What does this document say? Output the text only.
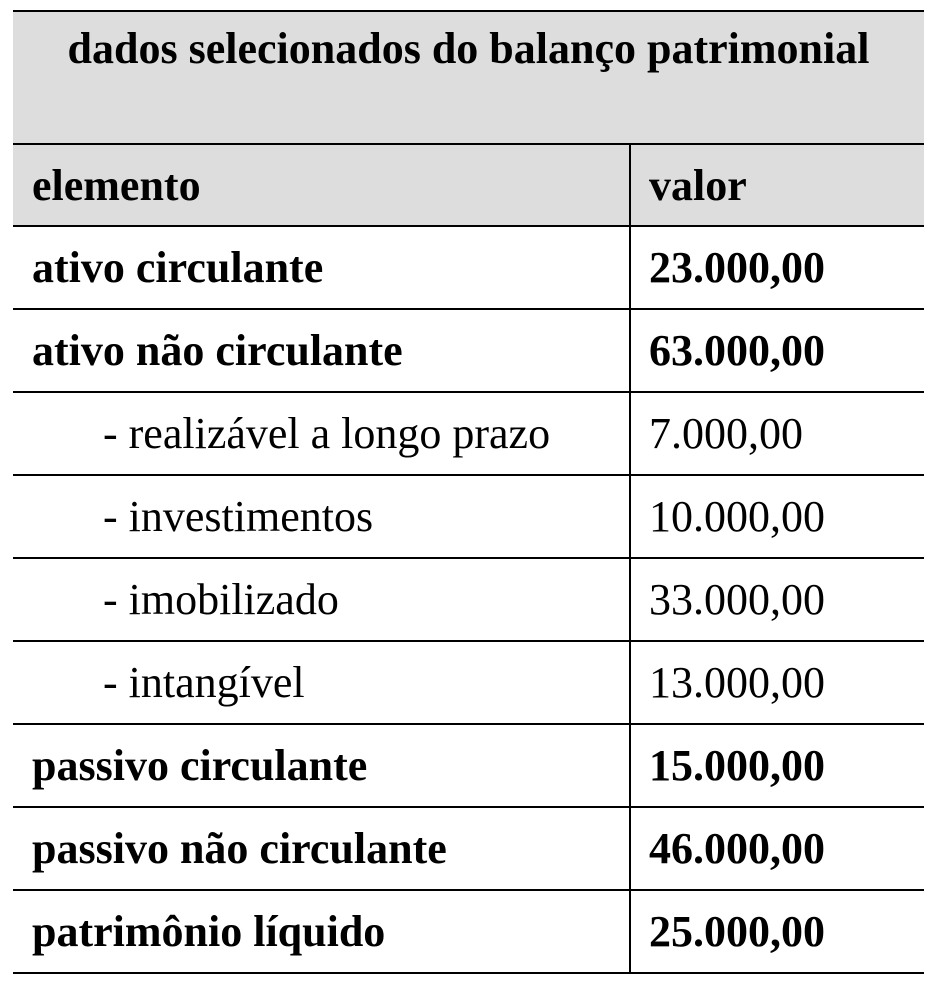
dados selecionados do balanço patrimonial	
elemento	valor
ativo circulante	23.000,00
ativo não circulante	63.000,00
- realizável a longo prazo	7.000,00
- investimentos	10.000,00
- imobilizado	33.000,00
- intangível	13.000,00
passivo circulante	15.000,00
passivo não circulante	46.000,00
patrimônio líquido	25.000,00
